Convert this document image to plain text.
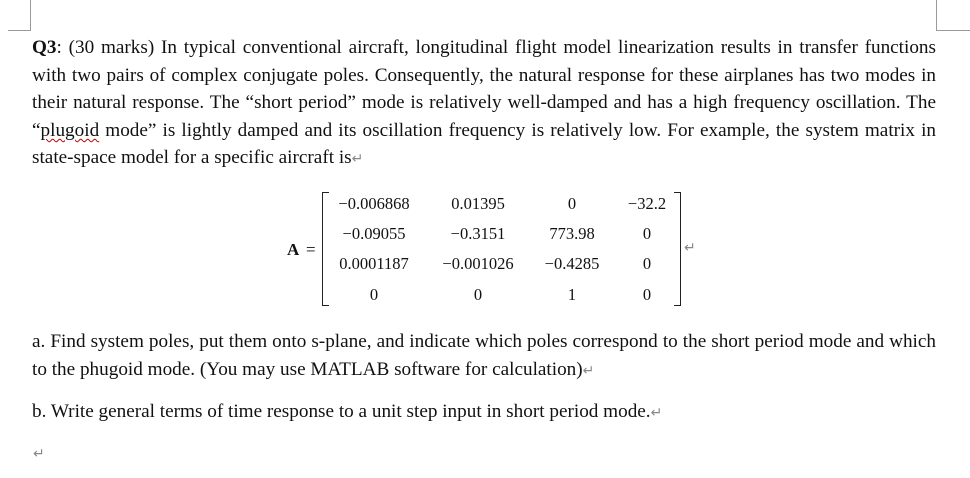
Q3: (30 marks) In typical conventional aircraft, longitudinal flight model linearization results in transfer functions with two pairs of complex conjugate poles. Consequently, the natural response for these airplanes has two modes in their natural response. The “short period” mode is relatively well-damped and has a high frequency oscillation. The “plugoid mode” is lightly damped and its oscillation frequency is relatively low. For example, the system matrix in state-space model for a specific aircraft is↵
A =
−0.006868	0.01395	0	−32.2
−0.09055	−0.3151	773.98	0
0.0001187	−0.001026	−0.4285	0
0	0	1	0
↵
a. Find system poles, put them onto s-plane, and indicate which poles correspond to the short period mode and which to the phugoid mode. (You may use MATLAB software for calculation)↵
b. Write general terms of time response to a unit step input in short period mode.↵
↵
